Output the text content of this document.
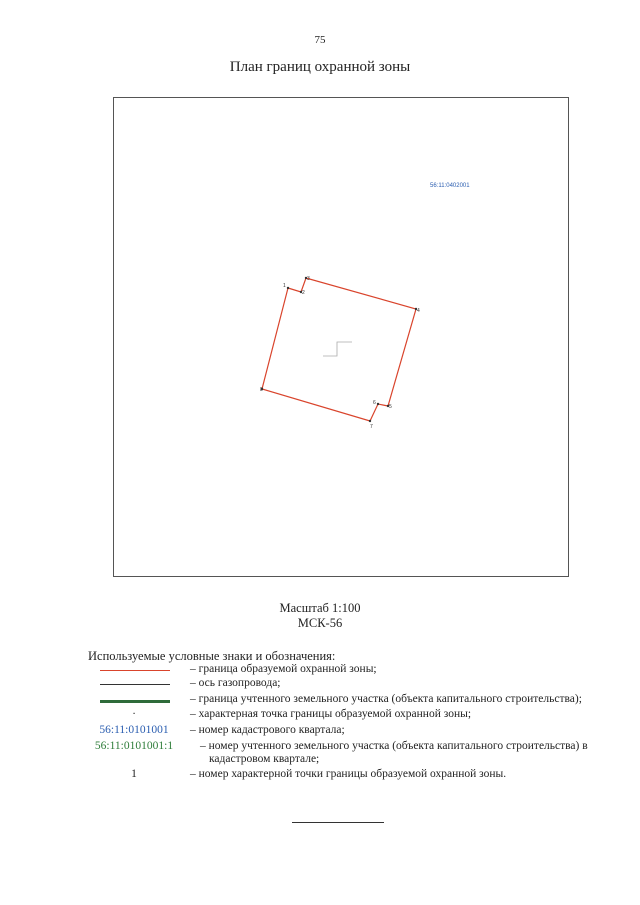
75
План границ охранной зоны
56:11:0402001
1
2
3
4
5
6
7
8
Масштаб 1:100
МСК-56
Используемые условные знаки и обозначения:
– граница образуемой охранной зоны;
– ось газопровода;
– граница учтенного земельного участка (объекта капитального строительства);
.	– характерная точка границы образуемой охранной зоны;
56:11:0101001	– номер кадастрового квартала;
56:11:0101001:1	– номер учтенного земельного участка (объекта капитального строительства) в кадастровом квартале;
1	– номер характерной точки границы образуемой охранной зоны.
